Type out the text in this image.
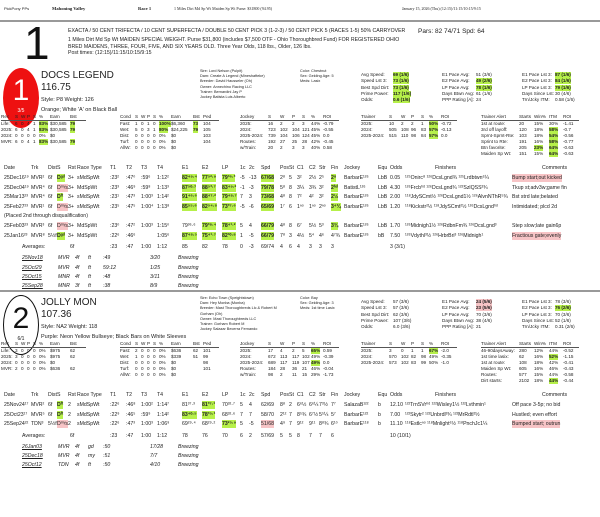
PickPony PPs	Mahoning Valley	Race 1	1 Miles Dirt Md Sp Wt Maiden Sp Wt Purse: $31800 (94.95)	January 15, 2026 (Thu) (12:15)/11:15/10:15/9:15
1	EXACTA / 50 CENT TRIFECTA / 10 CENT SUPERFECTA / DOUBLE 50 CENT PICK 3 (1-2-3) / 50 CENT PICK 5 (RACES 1-5) 50% CARRYOVER
1 Miles Dirt Md Sp Wt MAIDEN SPECIAL WEIGHT. Purse $31,800 (includes $7,500 OTF - Ohio Thoroughbred Fund) FOR REGISTERED OHIO BRED MAIDENS, THREE, FOUR, FIVE, AND SIX YEARS OLD. Three Year Olds, 118 lbs., Older, 126 lbs.
Post times: (12:15)/11:15/10:15/9:15
Pars: 82 74/71 Spd: 64
1
3/5
DOCS LEGEND
116.75
Style: P8 Weight: 126
Orange; White 'A' on Black Ball
Sire: Lord Nelson (Pulpit)
Dam: Create A Legend (Mineshafteke)
Breeder: David Hausseler (Oh)
Owner: Annechino Racing LLC
Trainer: Bernardini Jay P
Jockey Batista Luis Alberto
Color: Chestnut
Sex: Gelding Age: 5
Meds: Lasix
Avg Speed: 69 (1/6)
Speed Lst 3: 73 (1/6)
Best Spd Dirt: 73 (1/6)
Prime Power: 117 (1/6)
Odds:	0.6 (1/6)
E1 Pace Avg: 51 (3/6)
E2 Pace Avg: 49 (2/6)
LP Pace Avg: 78 (1/6)
Days Btwn Avg: 61 (1/6)
PPP Rating [A]: 24
E1 Pace Lst 3: 87 (1/6)
E2 Pace Lst 3: 84 (1/6)
LP Pace Lst 3: 79 (1/6)
Days Since Lst: 30 (4/6)
Trn/Jcky ITM: 0.58 (1/6)
Rec S W P S % Earn Bst
Life: 6 0 4 1 83% $30,585 79
2025: 6 0 4 1 83% $30,585 79
2024: 0 0 0 0 0% $0
MVR: 6 0 4 1 83% $30,585 79
Cond S W P S % Earn	Bst Ped
Fast: 1 0 1 0 100% $6,360 73 104
Wet: 5 0 3 1 80% $24,225 79 105
Dist: 0 0 0 0 0% $0	103
Turf: 0 0 0 0 0% $0	104
AllW: 0 0 0 0 0% $0
Jockey	S W P S % ROI
2025:	16 2 2 3 44% -0.79
2024:	723 102 104 121 45% -0.55
2025-2024: 739 104 106 124 45% 0.0
Routes:	192 27 25 28 42% -0.45
w/Train:	20 2 3 3 40% 0.58
Trainer	S W P S % ROI
2025:	10 2 2 1 50% -0.72
2024:	505 108 96 83 57% -0.13
2025-2024: 515 110 98 84 57% 0.0
Trainer Alert	Starts Win% ITM ROI
1st at route:	20 15% 30% -1.41
3rd off layoff:	120 18% 58% -0.7
Sprnt-Sprnt-Rte: 103 18% 54% -0.56
Sprint to Rte: 191 16% 58% -0.77
Btn favorite:	205 23% 64% -0.63
Maiden Sp Wt: 151 15% 64% -0.63
Date	Trk Dist S Rst Race Type T1 T2 T3 T4	E1	E2	LP 1c 2c Spd Pos St C1 C2 Str Fin Jockey	Equ Odds	Finishers	Comments
25Dec16¹⁹ MVR² 6f Dᵍᵈ 3+ sMdSpWt :23² :47⁰ :59⁶ 1:12²	82⁴⁹·⁴ 77⁵²·⁹ 79³⁶·³ -5 -13 67/68 2⁸ 5 3² 2½ 2⁵ 2⁸ BarbarE¹²⁶ LbB 0.05 ¹²⁵Onirc⁸ ¹²⁶DcsLgnd¾ ¹²⁵Lrdbtwn⁶¼	Bump start;out kicked
25Dec04¹⁹ MVR⁴ 6f Dᵐʸs 3+ MdSpWt	:23³ :46⁹ :59⁸ 1:13³	87⁵⁰·⁷ 88⁵³·⁷ 83⁴⁹·² -1 -3 79/78 5⁸ 8 3¼ 3¾ 3² 2ʰᵈ BatistL¹²⁶ LbB 4.30 ¹²⁶Frcbʰᵈ ¹²⁶DcsLgnd¾ ¹²²SzlQSS³¾	Tkup st;adv3w;game fin
25Mar13²³ MVR⁴ 6f Dᶠᵗ 3+ sMdSpWt :23¹ :47³ 1:00³ 1:14²	91⁴⁶·⁶ 88⁴⁷·² 79⁴⁸·⁷ 7 3 73/68 4⁸ 8 7² 4² 3² 2½ BarbarE¹²⁶ LbB 2.00 ¹¹⁸JdySCmt½ ¹²⁶DcsLgnd1½ ¹²⁶AlvnNThR⁵¾ Bst strd late;belated
25Feb27²³ MVR¹ 6f Dᵐʸs 3+ sMdSpWt :23⁵ :47⁵ 1:00⁴ 1:13⁸ 85⁵⁵·⁶ 82⁵⁴·⁸ 73³⁷·⁶ -5 -6 65/69 1⁷ 6 1ⁿᵒ 1ⁿᵒ 2ⁿᵒ 3⁴¾ BarbarE¹²⁶ LbB 1.20 ¹¹⁸Kickstr²½ ¹¹⁸JdySCmt²½ ¹²⁶DcsLgndʰᵈ	Intimidated; plcd 2d
(Placed 2nd through disqualification)
25Feb03²³ MVR³ 6f Dᵐʸs 3+ MdSpWt	:23⁰ :47² 1:00³ 1:15⁰ 79³⁶·⁶ 79³⁸·⁴ 78⁴¹·² 5 4 66/79 4⁸ 8 6⁷ 5½ 5³ 3¾ BarbarE¹²⁶ LbB 1.70 ¹²⁶Midnigh1½ ¹²⁶RdbnFm¾ ¹²⁶DcsLgnd³	Step slow;late gain6p
25Jan16²³ MVR⁸ 5½f Dᵍᵈ 3+ MdSpWt	:22⁶ :46⁶	1:05⁶ 87⁴⁸·⁵ 75⁴¹·⁷ 82³⁰·⁸ 1 -5 66/79 7⁸ 3 4½ 5⁴ 4⁶ 4⁷¾ BarbarE¹²⁶ bB 7.50 ¹²⁶Vdythl³½ ¹²⁶HrbrBri³ ¹²⁶Midnigh¹	Fractious gate;evenly
Averages:	6f	:23 :47 1:00 1:12	85	82	78 0 -3 69/74 4 6 4 3 3 3	3 (3/1)
25Nov18	MVR 4f ft :49	3/20	Breezing
25Oct29	MVR 4f ft 59:12	1/25	Breezing
25Oct15	MNR 4f ft :48	3/11	Breezing
25Sep28	MNR 3f ft :38	8/9	Breezing
2
6/1
JOLLY MON
107.36
Style: NA2 Weight: 118
Purple: Neon Yellow Bullseye; Black Bars on White Sleeves
Sire: Echo Town (Speightstown)
Dam: Hey Monba (Monba)
Breeder: Mast Thoroughbreds Llc & Robert M
Gorham (Oh)
Owner: Mast Thoroughbreds LLC
Trainer: Gorham Robert M
Jockey Salazar Becerra Fernando
Color: Bay
Sex: Gelding Age: 3
Meds: 1st time Lasix
Avg Speed: 57 (3/6)
Speed Lst 3: 57 (3/6)
Best Spd Dirt: 62 (3/6)
Prime Power: 107 (3/6)
Odds:	6.0 (3/6)
E1 Pace Avg: 24 (5/6)
E2 Pace Avg: 23 (5/6)
LP Pace Avg: 70 (3/6)
Days Btwn Avg: 38 (4/6)
PPP Rating [A]: 21
E1 Pace Lst 3: 78 (3/6)
E2 Pace Lst 3: 76 (2/6)
LP Pace Lst 3: 70 (3/6)
Days Since Lst: 52 (1/6)
Trn/Jcky ITM: 0.31 (2/6)
Rec S W P S % Earn Bst
Life: 3 0 0 0 0% $975 62
2025: 3 0 0 0 0% $975 62
2024: 0 0 0 0 0% $0
MVR: 2 0 0 0 0% $636 62
Cond S W P S % Earn	Bst Ped
Fast: 2 0 0 0 0% $636	62 101
Wet: 1 0 0 0 0% $339	51 99
Dist: 0 0 0 0 0% $0	98
Turf: 0 0 0 0 0% $0	101
AllW: 0 0 0 0 0% $0
Jockey	S W P S % ROI
2025:	17 4 2 5 65% 0.59
2024:	672 113 117 102 49% -0.39
2025-2024: 689 117 119 107 49% 0.0
Routes:	184 28 36 21 46% -0.04
w/Train:	98 2 11 15 29% -1.73
Trainer	S W P S % ROI
2025:	3 0 1 1 67% -2.0
2024:	570 102 82 98 49% -0.35
2025-2024: 573 102 83 99 50% -1.0
Trainer Alert	Starts Win% ITM ROI
46-90daysAway: 280 12% 44% -0.52
1st time lasix: 62 16% 52% -1.15
1st at route:	108 18% 42% -0.41
Maiden Sp Wt: 605 16% 46% -0.43
Routes:	577 15% 44% -0.58
Dirt starts:	2102 18% 44% -0.44
Date	Trk Dist S Rst Race Type T1 T2 T3 T4	E1	E2	LP 1c 2c Spd Pos St C1 C2 Str Fin Jockey	Equ Odds	Finishers	Comments
25Nov24¹⁷ MVR² 6f Dᶠᵗ 2 sMdSpWt :22⁶ :46⁸ 1:00² 1:14⁷	81³⁷·³ 81³⁷·¹ 70³²·⁷ 5 4 62/69 8⁸ 2 6⁶½ 6⁶¼ 7³½ 7⁷ SalazaB¹²² b 12.10 ¹²²TrnSVrʰᵈ ¹²²Wisley1½ ¹²²Lvthmin¹	Off pace 3-5p; no bid
25Oct23¹⁷ MVR⁵ 6f Dᶠᵗ 2 sMdSpWt :22⁹ :46⁵ :59⁹ 1:14²	83⁴⁰·⁵ 78³⁵·¹ 68³²·⁶ 7 7 58/70 2¹² 7 8⁵¾ 6⁷½ 5⁵¼ 5⁷ BarbarE¹²² b 7.00 ¹²²Skytr² ¹²²Unbrdl³¾ ¹²²MrRdtl³½	Hustled; even effort
25Sep24²² TDN³ 5½f Dᵐʸs 2 sMdSpWt :22⁶ :47³ 1:00³ 1:06⁹ 69²⁹·⁴ 68²⁹·² 73²⁵·⁹ 5 -5 51/68 4⁹ 7 9¹² 9¹¹ 8⁸¾ 6¹⁰ BarbarE¹¹⁸ b 11.10 ¹¹⁸Estlcⁿᵒ ¹¹⁸Mnlight⁶½ ¹¹⁸PnchJc1¼	Bumped start; outrun
Averages:	6f	:23 :47 1:00 1:12	78	76	70 6 2 57/69 5 5 8 7 7 6	10 (10/1)
26Jan03	MVR 4f gd :50	17/28	Breezing
25Dec18	MVR 4f my :51	7/7	Breezing
25Oct12	TDN 4f ft :50	4/10	Breezing
